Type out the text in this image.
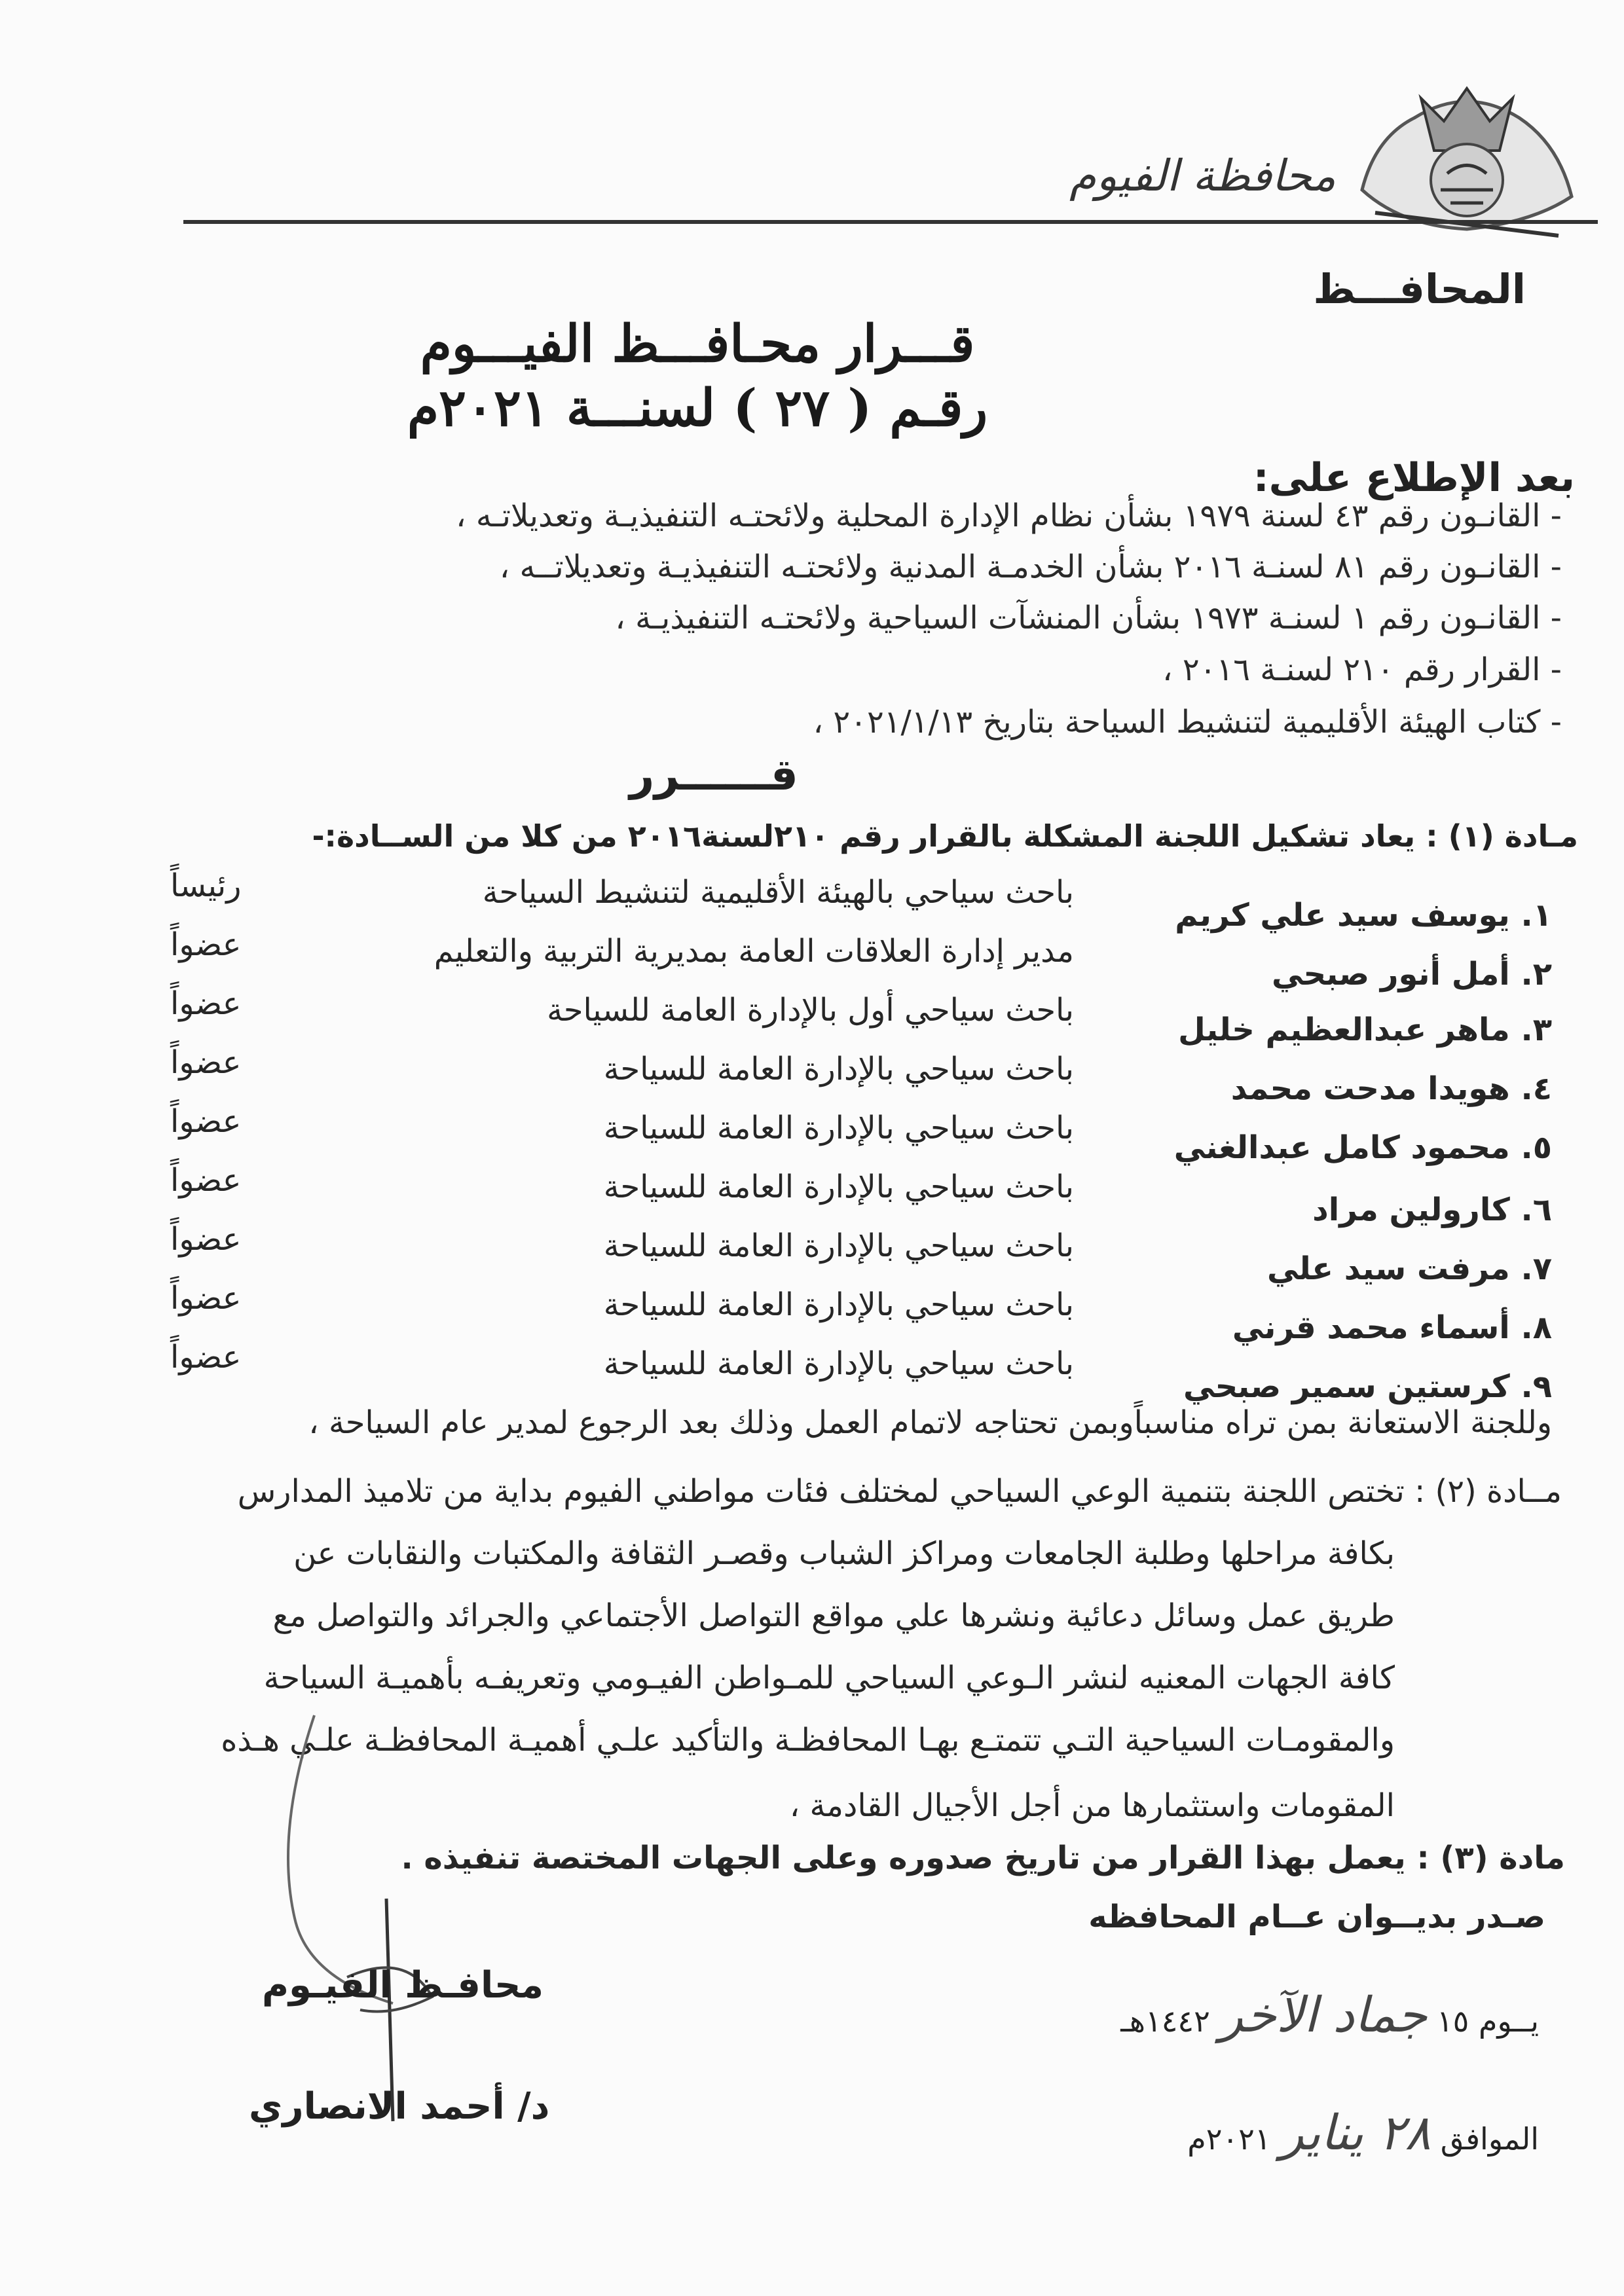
محافظة الفيوم
المحافـــظ
قـــرار محـافـــظ الفيـــوم
رقـم ( ٢٧ ) لسنـــة ٢٠٢١م
بعد الإطلاع على:
- القانـون رقم ٤٣ لسنة ١٩٧٩ بشأن نظام الإدارة المحلية ولائحتـه التنفيذيـة وتعديلاتـه ،
- القانـون رقم ٨١ لسنـة ٢٠١٦ بشأن الخدمـة المدنية ولائحتـه التنفيذيـة وتعديلاتــه ،
- القانـون رقم ١ لسنـة ١٩٧٣ بشأن المنشآت السياحية ولائحتـه التنفيذيـة ،
- القرار رقم ٢١٠ لسنـة ٢٠١٦ ،
- كتاب الهيئة الأقليمية لتنشيط السياحة بتاريخ ٢٠٢١/١/١٣ ،
قــــــرر
مـادة (١) : يعاد تشكيل اللجنة المشكلة بالقرار رقم ٢١٠لسنة٢٠١٦ من كلا من الســادة:-
١. يوسف سيد علي كريم
باحث سياحي بالهيئة الأقليمية لتنشيط السياحة
رئيساً
٢. أمل أنور صبحي
مدير إدارة العلاقات العامة بمديرية التربية والتعليم
عضواً
٣. ماهر عبدالعظيم خليل
باحث سياحي أول بالإدارة العامة للسياحة
عضواً
٤. هويدا مدحت محمد
باحث سياحي بالإدارة العامة للسياحة
عضواً
٥. محمود كامل عبدالغني
باحث سياحي بالإدارة العامة للسياحة
عضواً
٦. كارولين مراد
باحث سياحي بالإدارة العامة للسياحة
عضواً
٧. مرفت سيد علي
باحث سياحي بالإدارة العامة للسياحة
عضواً
٨. أسماء محمد قرني
باحث سياحي بالإدارة العامة للسياحة
عضواً
٩. كرستين سمير صبحي
باحث سياحي بالإدارة العامة للسياحة
عضواً
وللجنة الاستعانة بمن تراه مناسباًوبمن تحتاجه لاتمام العمل وذلك بعد الرجوع لمدير عام السياحة ،
مــادة (٢) : تختص اللجنة بتنمية الوعي السياحي لمختلف فئات مواطني الفيوم بداية من تلاميذ المدارس
بكافة مراحلها وطلبة الجامعات ومراكز الشباب وقصـر الثقافة والمكتبات والنقابات عن
طريق عمل وسائل دعائية ونشرها علي مواقع التواصل الأجتماعي والجرائد والتواصل مع
كافة الجهات المعنيه لنشر الـوعي السياحي للمـواطن الفيـومي وتعريفـه بأهميـة السياحة
والمقومـات السياحية التـي تتمتـع بهـا المحافظـة والتأكيد علـي أهميـة المحافظـة علـي هـذه
المقومات واستثمارها من أجل الأجيال القادمة ،
مادة (٣) : يعمل بهذا القرار من تاريخ صدوره وعلى الجهات المختصة تنفيذه .
صـدر بديــوان عــام المحافظه
يــوم ١٥ جماد الآخر ١٤٤٢هـ
الموافق ٢٨ يناير ٢٠٢١م
محافـظ الفيـوم
د/ أحمد الانصاري
